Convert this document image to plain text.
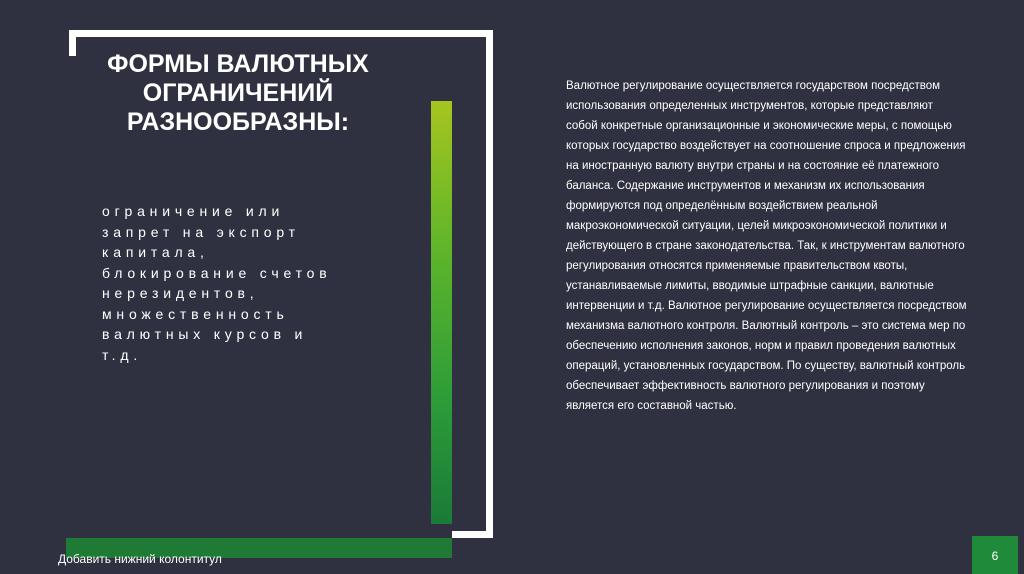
ФОРМЫ ВАЛЮТНЫХ
ОГРАНИЧЕНИЙ
РАЗНООБРАЗНЫ:

ограничение или
запрет на экспорт
капитала,
блокирование счетов
нерезидентов,
множественность
валютных курсов и
т.д.

Валютное регулирование осуществляется государством посредством
использования определенных инструментов, которые представляют
собой конкретные организационные и экономические меры, с помощью
которых государство воздействует на соотношение спроса и предложения
на иностранную валюту внутри страны и на состояние её платежного
баланса. Содержание инструментов и механизм их использования
формируются под определённым воздействием реальной
макроэкономической ситуации, целей микроэкономической политики и
действующего в стране законодательства. Так, к инструментам валютного
регулирования относятся применяемые правительством квоты,
устанавливаемые лимиты, вводимые штрафные санкции, валютные
интервенции и т.д. Валютное регулирование осуществляется посредством
механизма валютного контроля. Валютный контроль – это система мер по
обеспечению исполнения законов, норм и правил проведения валютных
операций, установленных государством. По существу, валютный контроль
обеспечивает эффективность валютного регулирования и поэтому
является его составной частью.

Добавить нижний колонтитул	6
